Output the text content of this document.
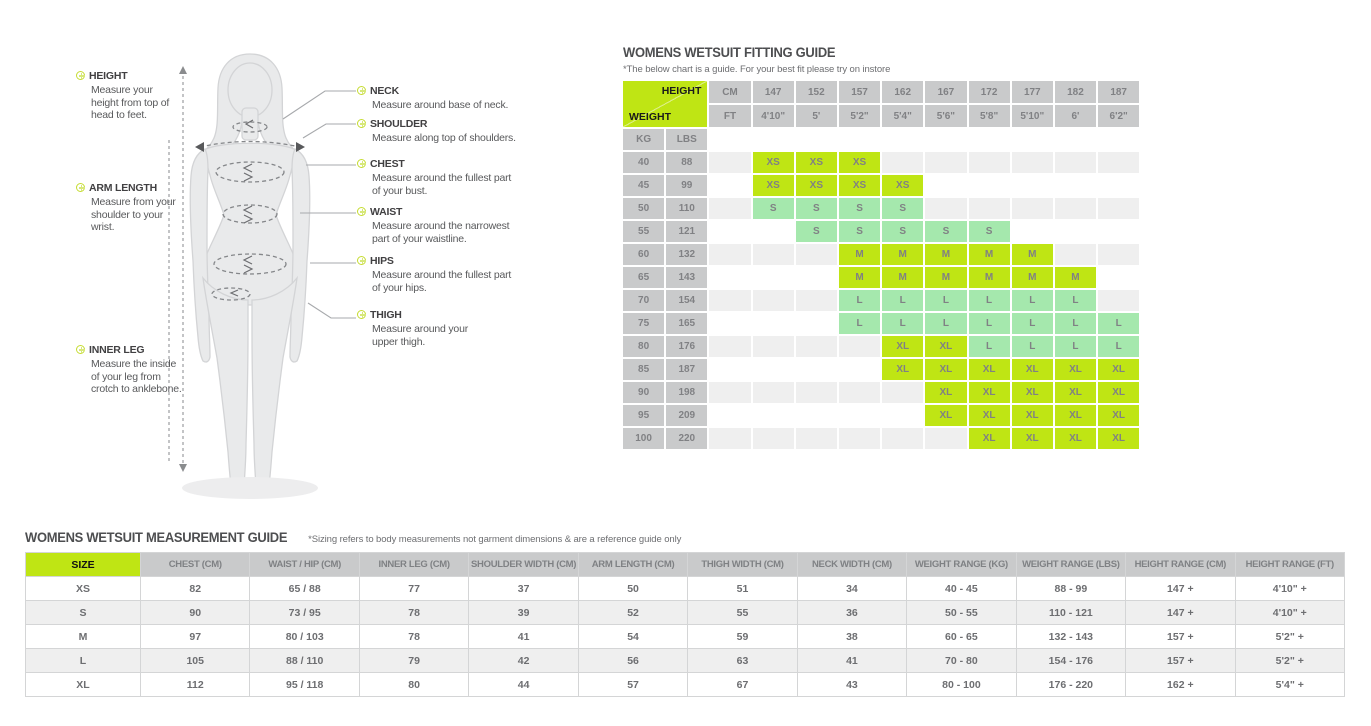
HEIGHT
Measure your height from top of head to feet.
ARM LENGTH
Measure from your shoulder to your wrist.
INNER LEG
Measure the inside of your leg from crotch to anklebone.
NECK
Measure around base of neck.
SHOULDER
Measure along top of shoulders.
CHEST
Measure around the fullest part of your bust.
WAIST
Measure around the narrowest part of your waistline.
HIPS
Measure around the fullest part of your hips.
THIGH
Measure around your upper thigh.
WOMENS WETSUIT FITTING GUIDE
*The below chart is a guide. For your best fit please try on instore
HEIGHT
WEIGHT		CM	147	152	157	162	167	172	177	182	187
		FT	4'10"	5'	5'2"	5'4"	5'6"	5'8"	5'10"	6'	6'2"
KG	LBS										
40	88		XS	XS	XS						
45	99		XS	XS	XS	XS					
50	110		S	S	S	S					
55	121			S	S	S	S	S			
60	132				M	M	M	M	M		
65	143				M	M	M	M	M	M	
70	154				L	L	L	L	L	L	
75	165				L	L	L	L	L	L	L
80	176					XL	XL	L	L	L	L
85	187					XL	XL	XL	XL	XL	XL
90	198						XL	XL	XL	XL	XL
95	209						XL	XL	XL	XL	XL
100	220							XL	XL	XL	XL
WOMENS WETSUIT MEASUREMENT GUIDE *Sizing refers to body measurements not garment dimensions & are a reference guide only
SIZE	CHEST (CM)	WAIST / HIP (CM)	INNER LEG (CM)	SHOULDER WIDTH (CM)	ARM LENGTH (CM)	THIGH WIDTH (CM)	NECK WIDTH (CM)	WEIGHT RANGE (KG)	WEIGHT RANGE (LBS)	HEIGHT RANGE (CM)	HEIGHT RANGE (FT)
XS	82	65 / 88	77	37	50	51	34	40 - 45	88 - 99	147 +	4'10" +
S	90	73 / 95	78	39	52	55	36	50 - 55	110 - 121	147 +	4'10" +
M	97	80 / 103	78	41	54	59	38	60 - 65	132 - 143	157 +	5'2" +
L	105	88 / 110	79	42	56	63	41	70 - 80	154 - 176	157 +	5'2" +
XL	112	95 / 118	80	44	57	67	43	80 - 100	176 - 220	162 +	5'4" +
